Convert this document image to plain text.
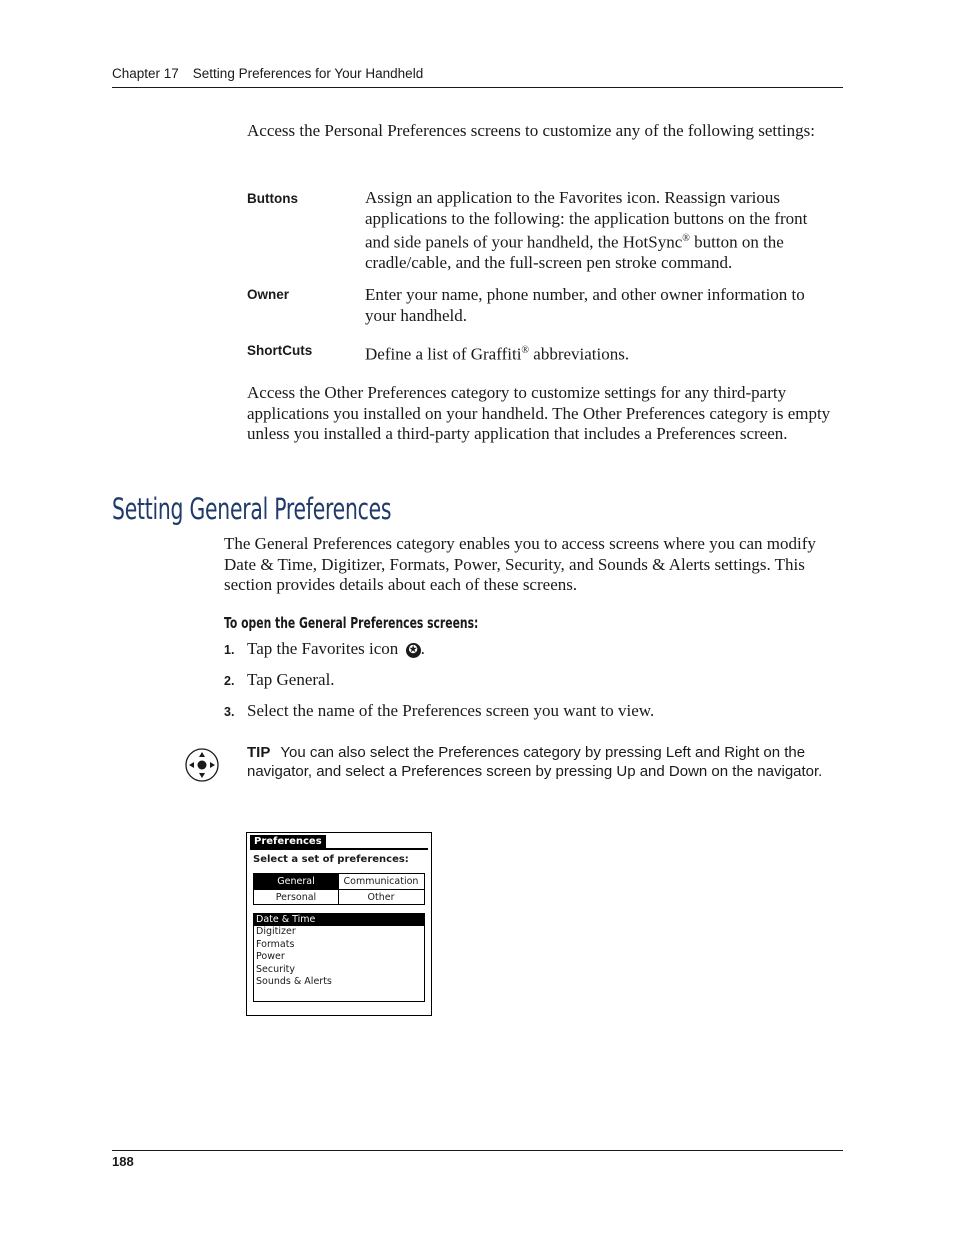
Chapter 17 Setting Preferences for Your Handheld
Access the Personal Preferences screens to customize any of the following settings:
Buttons	Assign an application to the Favorites icon. Reassign various applications to the following: the application buttons on the front and side panels of your handheld, the HotSync® button on the cradle/cable, and the full-screen pen stroke command.
Owner	Enter your name, phone number, and other owner information to your handheld.
ShortCuts	Define a list of Graffiti® abbreviations.
Access the Other Preferences category to customize settings for any third-party applications you installed on your handheld. The Other Preferences category is empty unless you installed a third-party application that includes a Preferences screen.
Setting General Preferences
The General Preferences category enables you to access screens where you can modify Date & Time, Digitizer, Formats, Power, Security, and Sounds & Alerts settings. This section provides details about each of these screens.
To open the General Preferences screens:
1. Tap the Favorites icon ✪ .
2. Tap General.
3. Select the name of the Preferences screen you want to view.
TIP You can also select the Preferences category by pressing Left and Right on the navigator, and select a Preferences screen by pressing Up and Down on the navigator.
Preferences
Select a set of preferences:
General	Communication
Personal	Other
Date & Time
Digitizer
Formats
Power
Security
Sounds & Alerts
188
